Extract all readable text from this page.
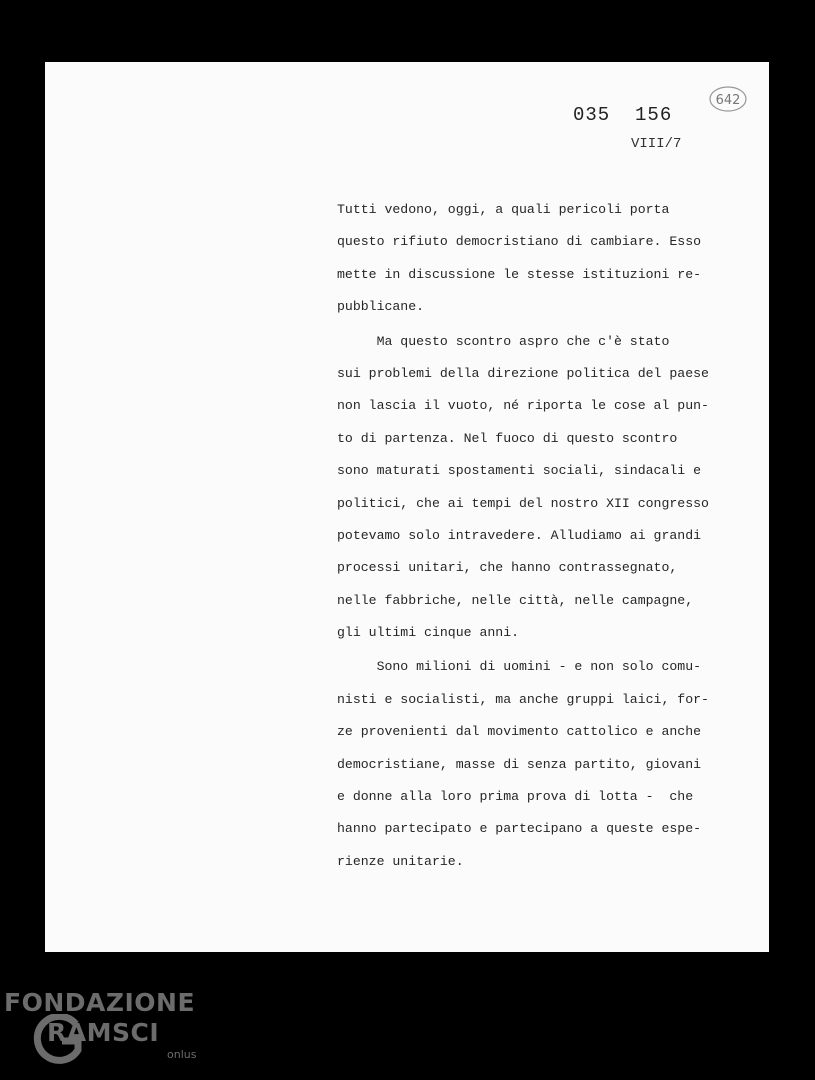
035  156
VIII/7
642
Tutti vedono, oggi, a quali pericoli porta
questo rifiuto democristiano di cambiare. Esso
mette in discussione le stesse istituzioni re-
pubblicane.
Ma questo scontro aspro che c'è stato
sui problemi della direzione politica del paese
non lascia il vuoto, né riporta le cose al pun-
to di partenza. Nel fuoco di questo scontro
sono maturati spostamenti sociali, sindacali e
politici, che ai tempi del nostro XII congresso
potevamo solo intravedere. Alludiamo ai grandi
processi unitari, che hanno contrassegnato,
nelle fabbriche, nelle città, nelle campagne,
gli ultimi cinque anni.
Sono milioni di uomini - e non solo comu-
nisti e socialisti, ma anche gruppi laici, for-
ze provenienti dal movimento cattolico e anche
democristiane, masse di senza partito, giovani
e donne alla loro prima prova di lotta -  che
hanno partecipato e partecipano a queste espe-
rienze unitarie.
FONDAZIONE
RAMSCI
onlus
